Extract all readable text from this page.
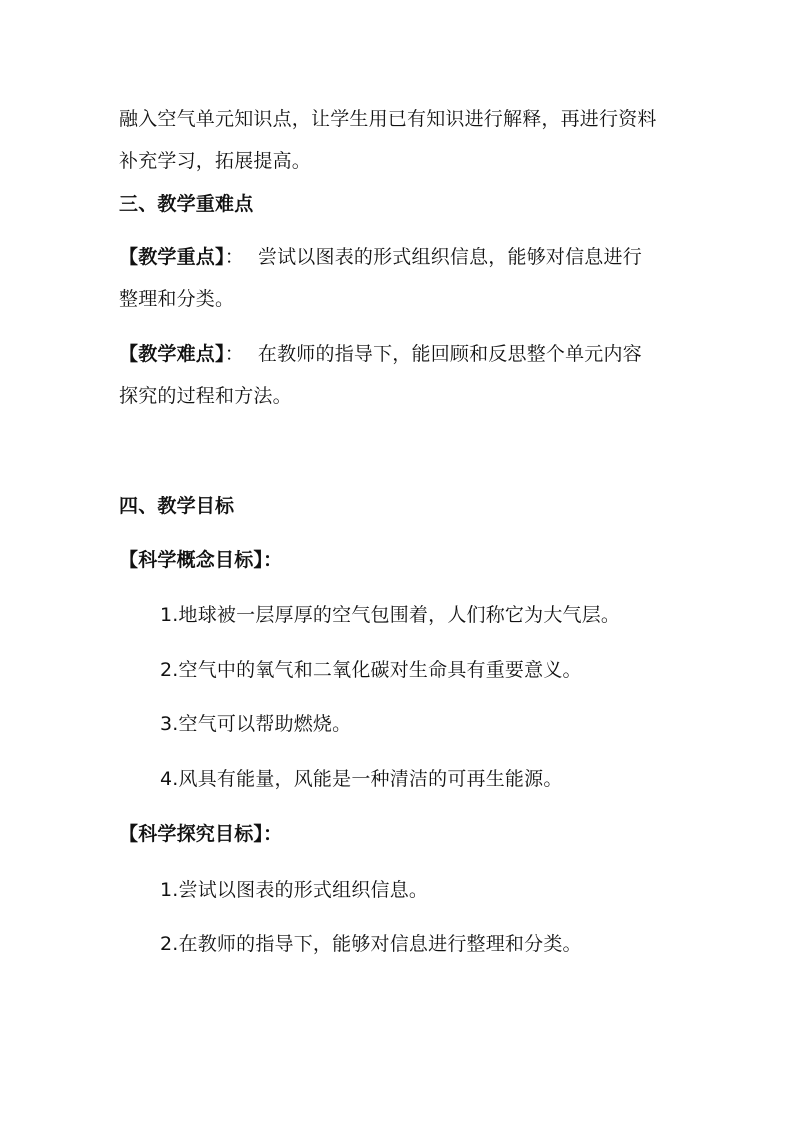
融入空气单元知识点，让学生用已有知识进行解释，再进行资料
补充学习，拓展提高。
三、教学重难点
【教学重点】： 尝试以图表的形式组织信息，能够对信息进行
整理和分类。
【教学难点】： 在教师的指导下，能回顾和反思整个单元内容
探究的过程和方法。
四、教学目标
【科学概念目标】：
1.地球被一层厚厚的空气包围着，人们称它为大气层。
2.空气中的氧气和二氧化碳对生命具有重要意义。
3.空气可以帮助燃烧。
4.风具有能量，风能是一种清洁的可再生能源。
【科学探究目标】：
1.尝试以图表的形式组织信息。
2.在教师的指导下，能够对信息进行整理和分类。
